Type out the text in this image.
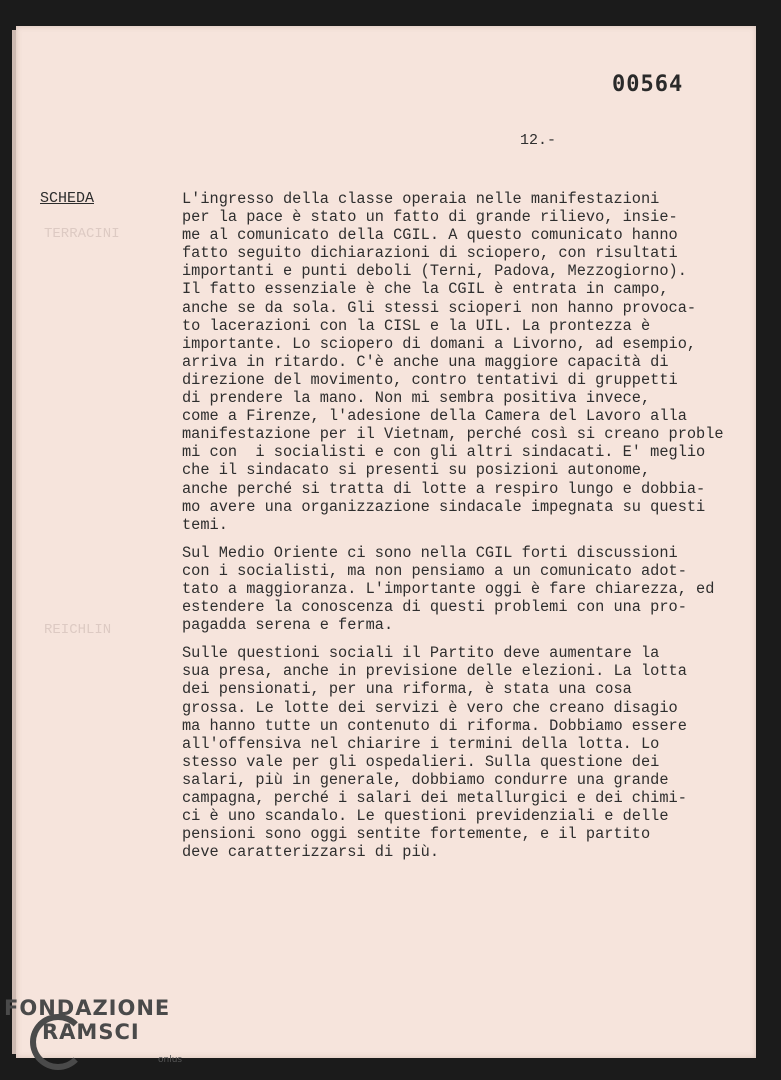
00564
12.-
TERRACINI
REICHLIN
SCHEDA	L'ingresso della classe operaia nelle manifestazioni
per la pace è stato un fatto di grande rilievo, insie-
me al comunicato della CGIL. A questo comunicato hanno
fatto seguito dichiarazioni di sciopero, con risultati
importanti e punti deboli (Terni, Padova, Mezzogiorno).
Il fatto essenziale è che la CGIL è entrata in campo,
anche se da sola. Gli stessi scioperi non hanno provoca-
to lacerazioni con la CISL e la UIL. La prontezza è
importante. Lo sciopero di domani a Livorno, ad esempio,
arriva in ritardo. C'è anche una maggiore capacità di
direzione del movimento, contro tentativi di gruppetti
di prendere la mano. Non mi sembra positiva invece,
come a Firenze, l'adesione della Camera del Lavoro alla
manifestazione per il Vietnam, perché così si creano proble
mi con  i socialisti e con gli altri sindacati. E' meglio
che il sindacato si presenti su posizioni autonome,
anche perché si tratta di lotte a respiro lungo e dobbia-
mo avere una organizzazione sindacale impegnata su questi
temi.

Sul Medio Oriente ci sono nella CGIL forti discussioni
con i socialisti, ma non pensiamo a un comunicato adot-
tato a maggioranza. L'importante oggi è fare chiarezza, ed
estendere la conoscenza di questi problemi con una pro-
pagadda serena e ferma.

Sulle questioni sociali il Partito deve aumentare la
sua presa, anche in previsione delle elezioni. La lotta
dei pensionati, per una riforma, è stata una cosa
grossa. Le lotte dei servizi è vero che creano disagio
ma hanno tutte un contenuto di riforma. Dobbiamo essere
all'offensiva nel chiarire i termini della lotta. Lo
stesso vale per gli ospedalieri. Sulla questione dei
salari, più in generale, dobbiamo condurre una grande
campagna, perché i salari dei metallurgici e dei chimi-
ci è uno scandalo. Le questioni previdenziali e delle
pensioni sono oggi sentite fortemente, e il partito
deve caratterizzarsi di più.

FONDAZIONE
RAMSCI
onlus
